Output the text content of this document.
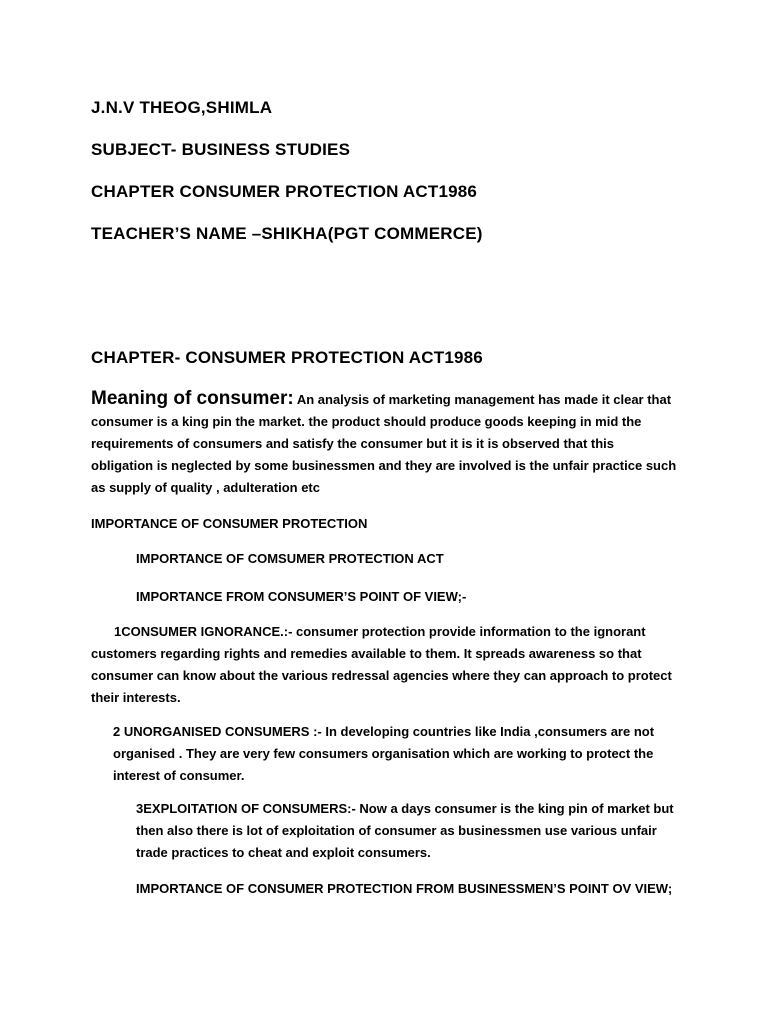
J.N.V THEOG,SHIMLA
SUBJECT- BUSINESS STUDIES
CHAPTER CONSUMER PROTECTION ACT1986
TEACHER’S NAME –SHIKHA(PGT COMMERCE)
CHAPTER- CONSUMER PROTECTION ACT1986
Meaning of consumer: An analysis of marketing management has made it clear that
consumer is a king pin the market. the product should produce goods keeping in mid the
requirements of consumers and satisfy the consumer but it is it is observed that this
obligation is neglected by some businessmen and they are involved is the unfair practice such
as supply of quality , adulteration etc
IMPORTANCE OF CONSUMER PROTECTION
IMPORTANCE OF COMSUMER PROTECTION ACT
IMPORTANCE FROM CONSUMER’S POINT OF VIEW;-
1CONSUMER IGNORANCE.:- consumer protection provide information to the ignorant
customers regarding rights and remedies available to them. It spreads awareness so that
consumer can know about the various redressal agencies where they can approach to protect
their interests.
2 UNORGANISED CONSUMERS :- In developing countries like India ,consumers are not
organised . They are very few consumers organisation which are working to protect the
interest of consumer.
3EXPLOITATION OF CONSUMERS:- Now a days consumer is the king pin of market but
then also there is lot of exploitation of consumer as businessmen use various unfair
trade practices to cheat and exploit consumers.
IMPORTANCE OF CONSUMER PROTECTION FROM BUSINESSMEN’S POINT OV VIEW;
